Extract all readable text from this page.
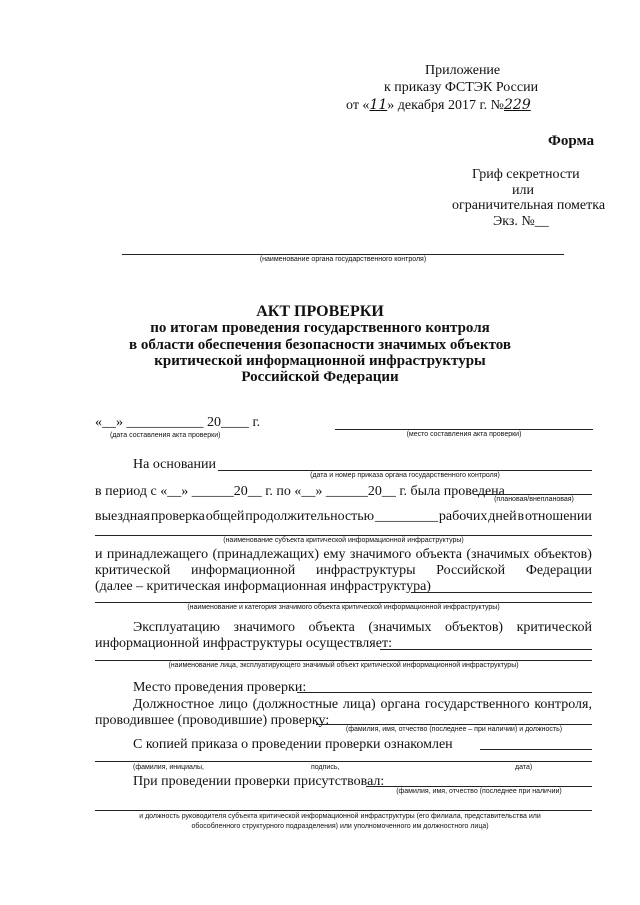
Приложение
к приказу ФСТЭК России
от «11» декабря 2017 г. №229
Форма
Гриф секретности
или
ограничительная пометка
Экз. №__
(наименование органа государственного контроля)
АКТ ПРОВЕРКИ
по итогам проведения государственного контроля
в области обеспечения безопасности значимых объектов
критической информационной инфраструктуры
Российской Федерации
«__» ___________ 20____ г.
(дата составления акта проверки)	(место составления акта проверки)
На основании
(дата и номер приказа органа государственного контроля)
в период с «__» ______20__ г. по «__» ______20__ г. была проведена
(плановая/внеплановая)
выездная проверка общей продолжительностью _________ рабочих дней в отношении
(наименование субъекта критической информационной инфраструктуры)
и принадлежащего (принадлежащих) ему значимого объекта (значимых объектов)
критической информационной инфраструктуры Российской Федерации
(далее – критическая информационная инфраструктура)
(наименование и категория значимого объекта критической информационной инфраструктуры)
Эксплуатацию значимого объекта (значимых объектов) критической
информационной инфраструктуры осуществляет:
(наименование лица, эксплуатирующего значимый объект критической информационной инфраструктуры)
Место проведения проверки:
Должностное лицо (должностные лица) органа государственного контроля,
проводившее (проводившие) проверку:
(фамилия, имя, отчество (последнее – при наличии) и должность)
С копией приказа о проведении проверки ознакомлен
(фамилия, инициалы,	подпись,	дата)
При проведении проверки присутствовал:
(фамилия, имя, отчество (последнее при наличии)
и должность руководителя субъекта критической информационной инфраструктуры (его филиала, представительства или
обособленного структурного подразделения) или уполномоченного им должностного лица)
